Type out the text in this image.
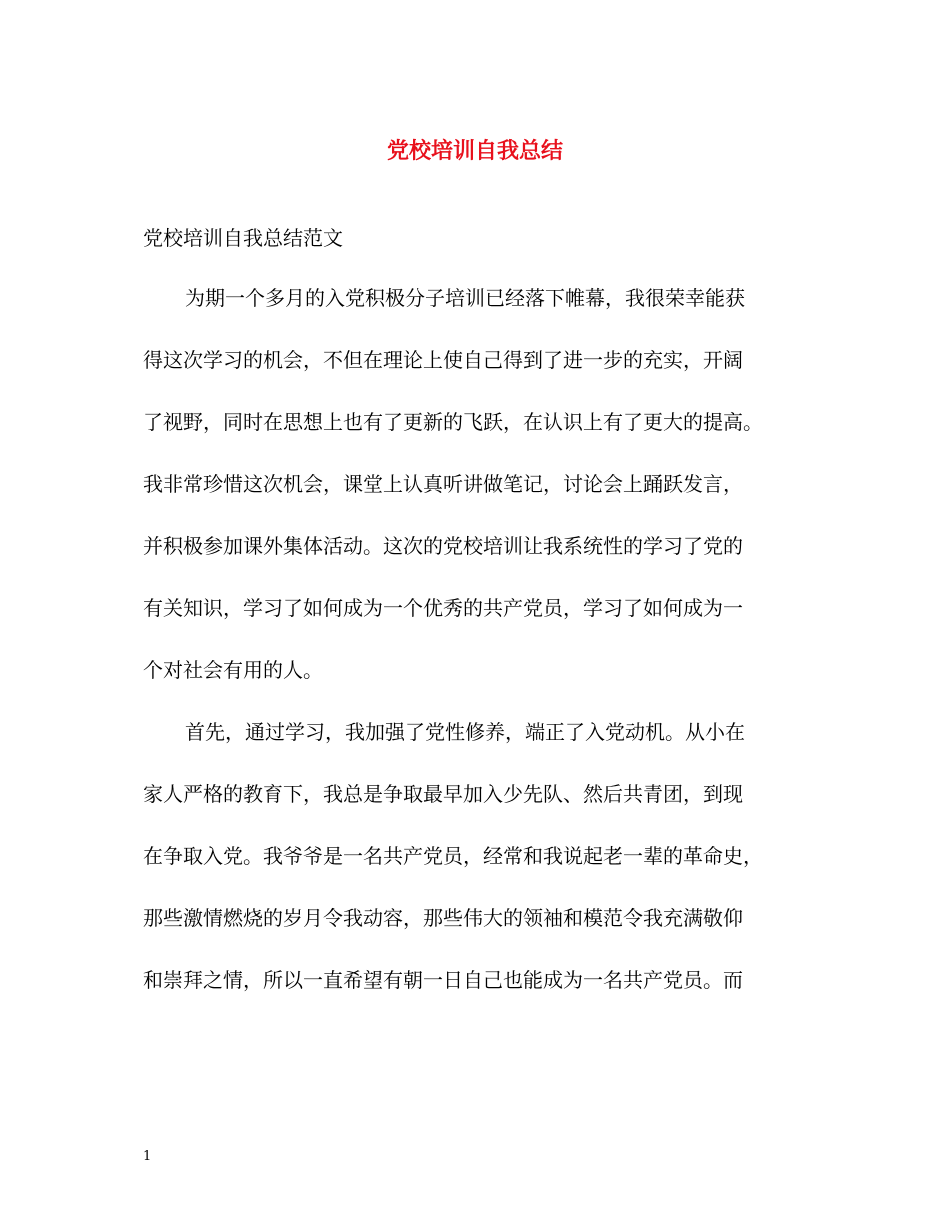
党校培训自我总结
党校培训自我总结范文
为期一个多月的入党积极分子培训已经落下帷幕，我很荣幸能获
得这次学习的机会，不但在理论上使自己得到了进一步的充实，开阔
了视野，同时在思想上也有了更新的飞跃，在认识上有了更大的提高。
我非常珍惜这次机会，课堂上认真听讲做笔记，讨论会上踊跃发言，
并积极参加课外集体活动。这次的党校培训让我系统性的学习了党的
有关知识，学习了如何成为一个优秀的共产党员，学习了如何成为一
个对社会有用的人。
首先，通过学习，我加强了党性修养，端正了入党动机。从小在
家人严格的教育下，我总是争取最早加入少先队、然后共青团，到现
在争取入党。我爷爷是一名共产党员，经常和我说起老一辈的革命史，
那些激情燃烧的岁月令我动容，那些伟大的领袖和模范令我充满敬仰
和崇拜之情，所以一直希望有朝一日自己也能成为一名共产党员。而
1
